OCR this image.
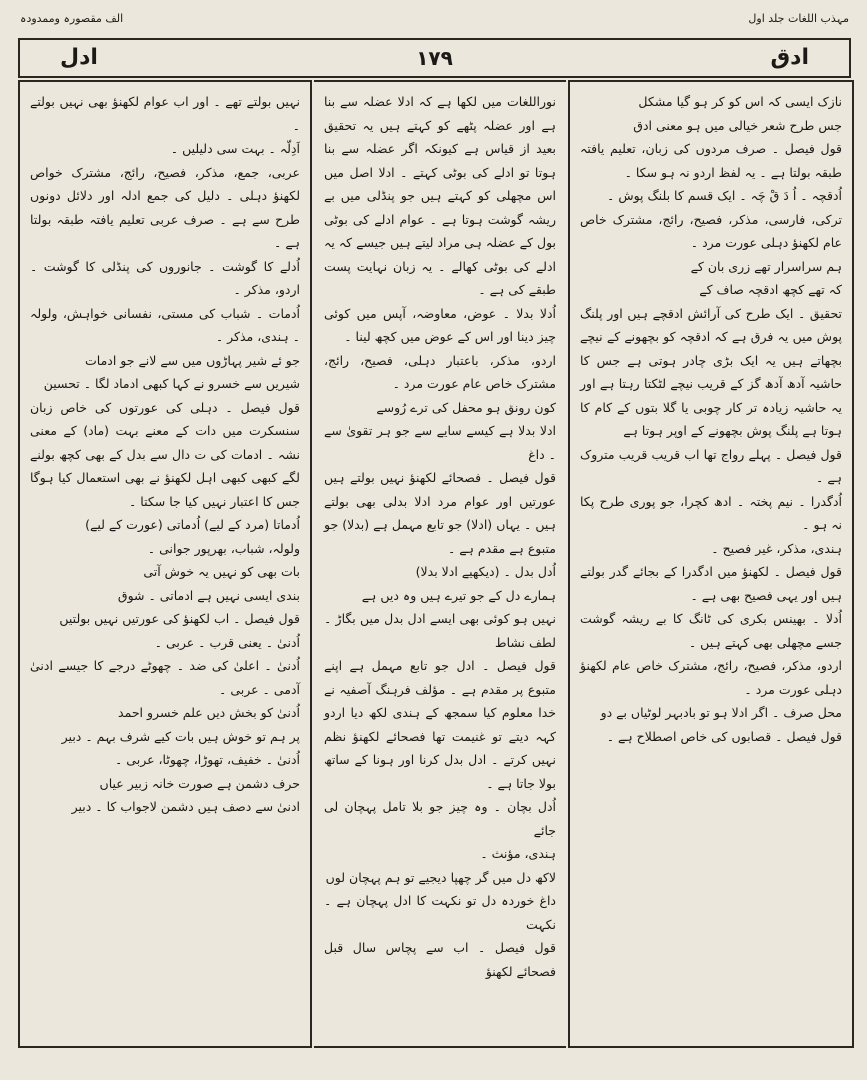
الف مقصورہ وممدودہ	مہذب اللغات جلد اول
ادل	۱۷۹	ادق

نازک ایسی کہ اس کو کر ہو گیا مشکل

جس طرح شعر خیالی میں ہو معنی ادق

قول فیصل ۔ صرف مردوں کی زبان، تعلیم یافتہ طبقہ بولتا ہے ۔ یہ لفظ اردو نہ ہو سکا ۔

اُدقچہ ۔ اُ دَ قْ چَہ ۔ ایک قسم کا بلنگ پوش ۔

ترکی، فارسی، مذکر، فصیح، رائج، مشترک خاص عام لکھنؤ دہلی عورت مرد ۔

ہم سراسرار تھے زری بان کے

کہ تھے کچھ ادقچہ صاف کے

تحقیق ۔ ایک طرح کی آرائش ادقچے ہیں اور پلنگ پوش میں یہ فرق ہے کہ ادقچہ کو بچھونے کے نیچے بچھاتے ہیں یہ ایک بڑی چادر ہوتی ہے جس کا حاشیہ آدھ آدھ گز کے قریب نیچے لٹکتا رہتا ہے اور یہ حاشیہ زیادہ تر کار چوبی یا گلا بتوں کے کام کا ہوتا ہے پلنگ پوش بچھونے کے اوپر ہوتا ہے

قول فیصل ۔ پہلے رواج تھا اب قریب قریب متروک ہے ۔

اُدگدرا ۔ نیم پختہ ۔ ادھ کچرا، جو پوری طرح پکا نہ ہو ۔

ہندی، مذکر، غیر فصیح ۔

قول فیصل ۔ لکھنؤ میں ادگدرا کے بجائے گدر بولتے ہیں اور یہی فصیح بھی ہے ۔

اُدلا ۔ بھینس بکری کی ٹانگ کا بے ریشہ گوشت جسے مچھلی بھی کہتے ہیں ۔

اردو، مذکر، فصیح، رائج، مشترک خاص عام لکھنؤ دہلی عورت مرد ۔

محل صرف ۔ اگر ادلا ہو تو بادبہر لوٹیاں بے دو

قول فیصل ۔ قصابوں کی خاص اصطلاح ہے ۔

نوراللغات میں لکھا ہے کہ ادلا عضلہ سے بنا ہے اور عضلہ پٹھے کو کہتے ہیں یہ تحقیق بعید از قیاس ہے کیونکہ اگر عضلہ سے بنا ہوتا تو ادلے کی بوٹی کہتے ۔ ادلا اصل میں اس مچھلی کو کہتے ہیں جو پنڈلی میں بے ریشہ گوشت ہوتا ہے ۔ عوام ادلے کی بوٹی بول کے عضلہ ہی مراد لیتے ہیں جیسے کہ یہ ادلے کی بوٹی کھالے ۔ یہ زبان نہایت پست طبقے کی ہے ۔

اُدلا بدلا ۔ عوض، معاوضہ، آپس میں کوئی چیز دینا اور اس کے عوض میں کچھ لینا ۔

اردو، مذکر، باعتبار دہلی، فصیح، رائج، مشترک خاص عام عورت مرد ۔

کون رونق ہو محفل کی ترے رُوسے

ادلا بدلا ہے کیسے سایے سے جو ہر تقویٰ سے ۔ داغ

قول فیصل ۔ فصحائے لکھنؤ نہیں بولتے ہیں عورتیں اور عوام مرد ادلا بدلی بھی بولتے ہیں ۔ یہاں (ادلا) جو تابع مہمل ہے (بدلا) جو متبوع ہے مقدم ہے ۔

اُدل بدل ۔ (دیکھیے ادلا بدلا)

ہمارے دل کے جو تیرے ہیں وہ دیں ہے

نہیں ہو کوئی بھی ایسے ادل بدل میں بگاڑ ۔ لطف نشاط

قول فیصل ۔ ادل جو تابع مہمل ہے اپنے متبوع پر مقدم ہے ۔ مؤلف فرہنگ آصفیہ نے خدا معلوم کیا سمجھ کے ہندی لکھ دیا اردو کہہ دیتے تو غنیمت تھا فصحائے لکھنؤ نظم نہیں کرتے ۔ ادل بدل کرنا اور ہونا کے ساتھ بولا جاتا ہے ۔

اُدل بچان ۔ وہ چیز جو بلا تامل پہچان لی جائے

ہندی، مؤنث ۔

لاکھ دل میں گر چھپا دیجیے تو ہم پہچان لوں

داغ خوردہ دل تو نکہت کا ادل پہچان ہے ۔ نکہت

قول فیصل ۔ اب سے پچاس سال قبل فصحائے لکھنؤ

نہیں بولتے تھے ۔ اور اب عوام لکھنؤ بھی نہیں بولتے ۔

اَدِلّہ ۔ بہت سی دلیلیں ۔

عربی، جمع، مذکر، فصیح، رائج، مشترک خواص لکھنؤ دہلی ۔ دلیل کی جمع ادلہ اور دلائل دونوں طرح سے ہے ۔ صرف عربی تعلیم یافتہ طبقہ بولتا ہے ۔

اُدلے کا گوشت ۔ جانوروں کی پنڈلی کا گوشت ۔ اردو، مذکر ۔

اُدمات ۔ شباب کی مستی، نفسانی خواہش، ولولہ ۔ ہندی، مذکر ۔

جو ئے شیر پہاڑوں میں سے لانے جو ادمات

شیریں سے خسرو نے کہا کبھی ادماد لگا ۔ تحسین

قول فیصل ۔ دہلی کی عورتوں کی خاص زبان سنسکرت میں دات کے معنے بہت (ماد) کے معنی نشہ ۔ ادمات کی ت دال سے بدل کے بھی کچھ بولنے لگے کبھی کبھی اہل لکھنؤ نے بھی استعمال کیا ہوگا جس کا اعتبار نہیں کیا جا سکتا ۔

اُدماتا (مرد کے لیے) اُدماتی (عورت کے لیے)

ولولہ، شباب، بھرپور جوانی ۔

بات بھی کو نہیں یہ خوش آتی

بندی ایسی نہیں ہے ادماتی ۔ شوق

قول فیصل ۔ اب لکھنؤ کی عورتیں نہیں بولتیں

اُدنیٰ ۔ یعنی قرب ۔ عربی ۔

اُدنیٰ ۔ اعلیٰ کی ضد ۔ چھوٹے درجے کا جیسے ادنیٰ آدمی ۔ عربی ۔

اُدنیٰ کو بخش دیں علم خسرو احمد

پر ہم تو خوش ہیں بات کیے شرف بہم ۔ دبیر

اُدنیٰ ۔ خفیف، تھوڑا، چھوٹا، عربی ۔

حرف دشمن ہے صورت خانہ زبیر عیاں

ادنیٰ سے دصف ہیں دشمن لاجواب کا ۔ دبیر
